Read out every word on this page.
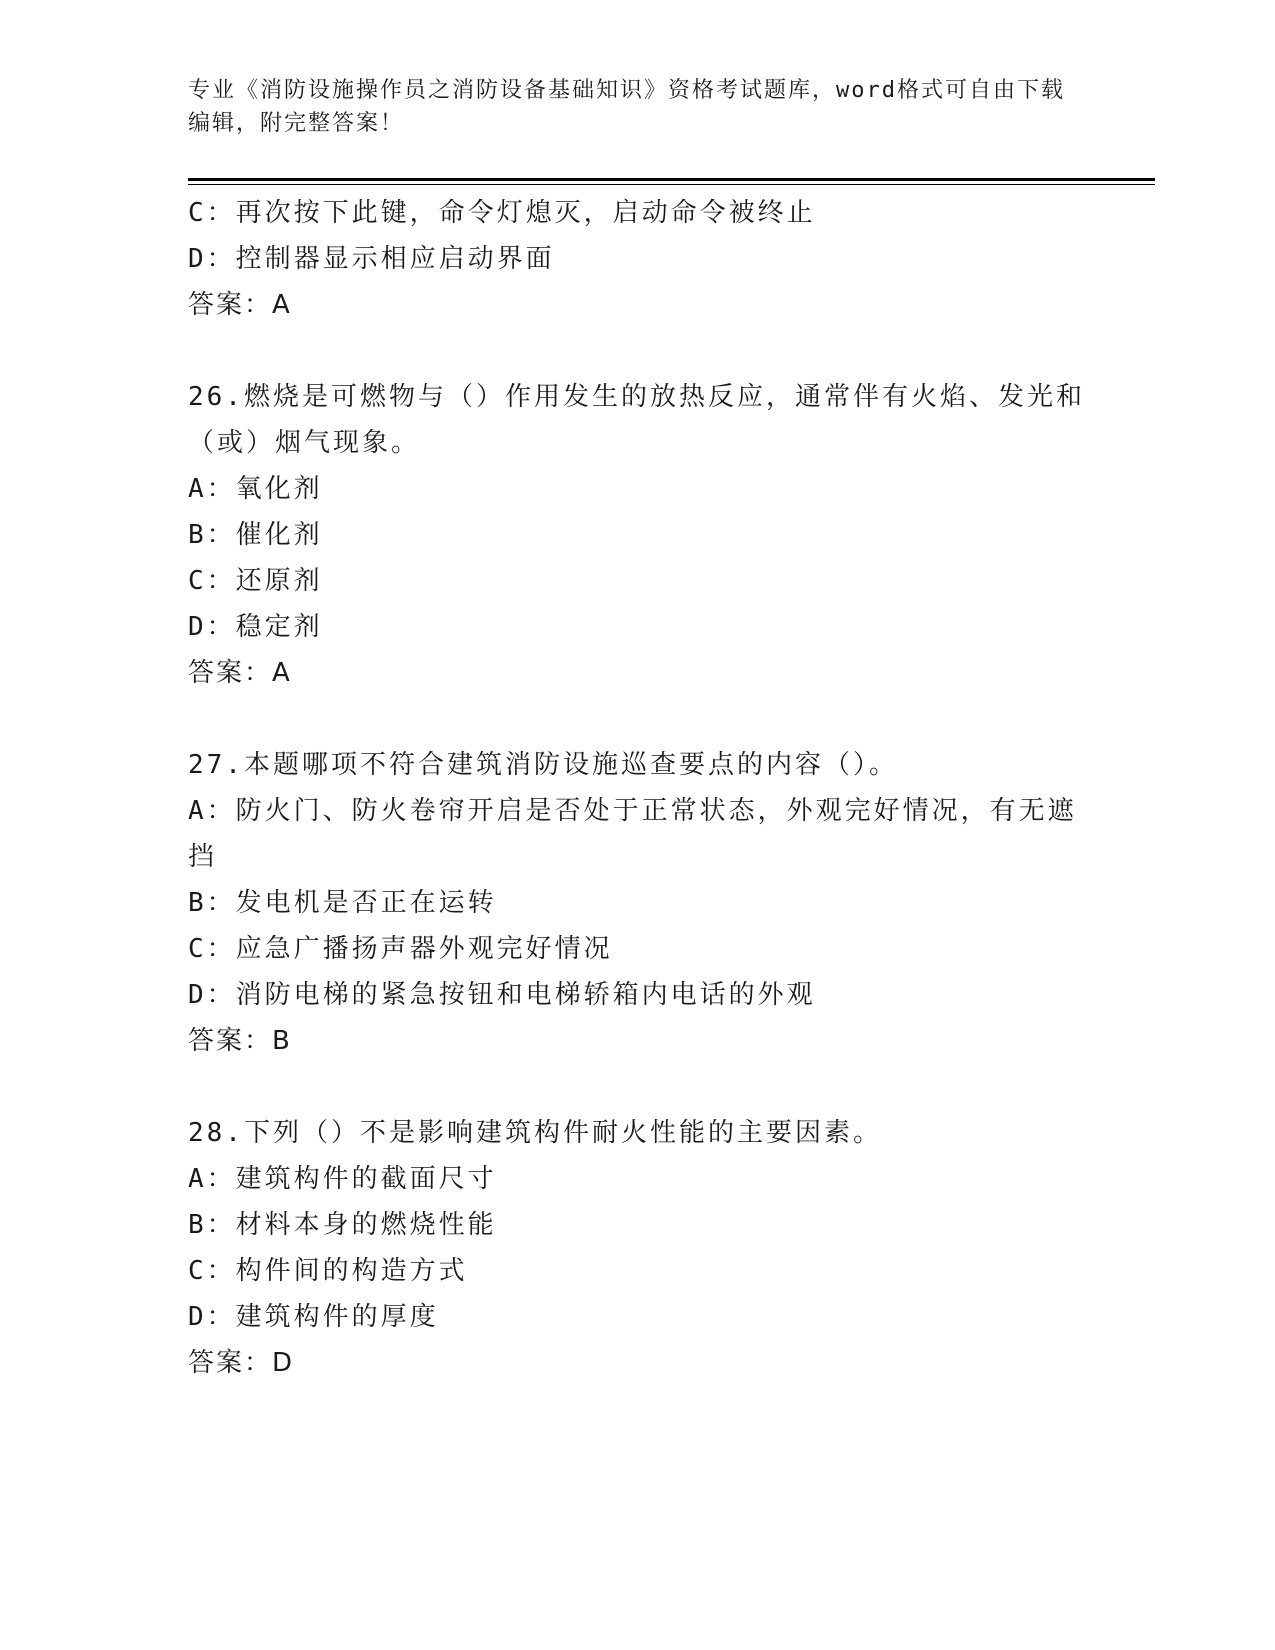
专业《消防设施操作员之消防设备基础知识》资格考试题库，word格式可自由下载编辑，附完整答案！

C：再次按下此键，命令灯熄灭，启动命令被终止

D：控制器显示相应启动界面

答案：A

26.燃烧是可燃物与（）作用发生的放热反应，通常伴有火焰、发光和（或）烟气现象。

A：氧化剂

B：催化剂

C：还原剂

D：稳定剂

答案：A

27.本题哪项不符合建筑消防设施巡查要点的内容（）。

A：防火门、防火卷帘开启是否处于正常状态，外观完好情况，有无遮挡

B：发电机是否正在运转

C：应急广播扬声器外观完好情况

D：消防电梯的紧急按钮和电梯轿箱内电话的外观

答案：B

28.下列（）不是影响建筑构件耐火性能的主要因素。

A：建筑构件的截面尺寸

B：材料本身的燃烧性能

C：构件间的构造方式

D：建筑构件的厚度

答案：D
